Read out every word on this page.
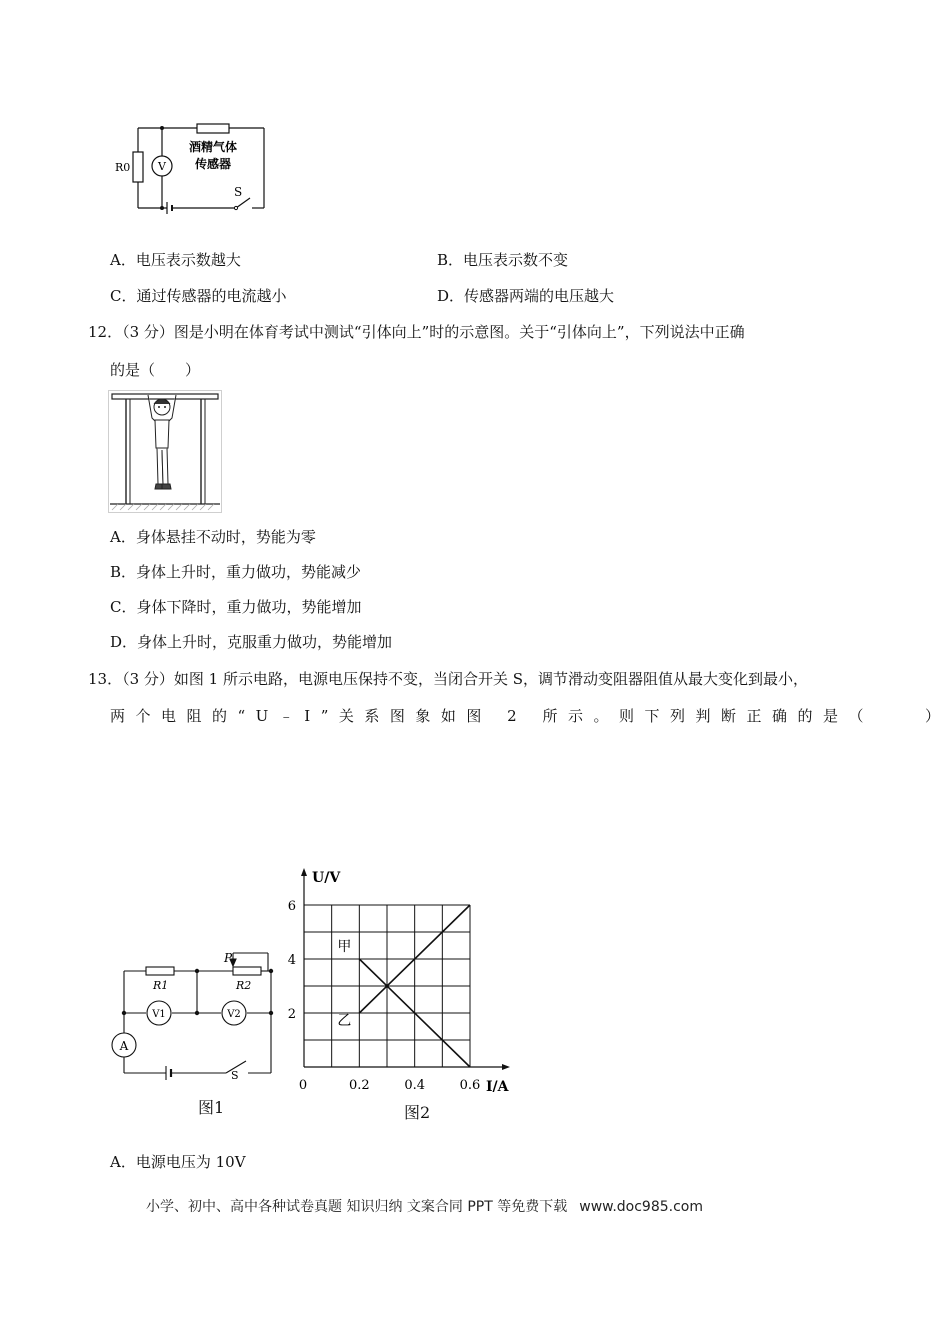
V
R0
酒精气体
传感器
S
A．电压表示数越大	B．电压表示数不变
C．通过传感器的电流越小	D．传感器两端的电压越大
12．（3 分）图是小明在体育考试中测试“引体向上”时的示意图。关于“引体向上”，下列说法中正确
的是（　　）
A．身体悬挂不动时，势能为零
B．身体上升时，重力做功，势能减少
C．身体下降时，重力做功，势能增加
D．身体上升时，克服重力做功，势能增加
13．（3 分）如图 1 所示电路，电源电压保持不变，当闭合开关 S，调节滑动变阻器阻值从最大变化到最小，
两个电阻的“U﹣I”关系图象如图 2 所示。则下列判断正确的是（　　）
R1	R2
P
V1	V2
A
S
图1
0	0.2	0.4	0.6
2
4
6
U/V
I/A
甲
乙
图2
A．电源电压为 10V
小学、初中、高中各种试卷真题 知识归纳 文案合同 PPT 等免费下载 www.doc985.com
